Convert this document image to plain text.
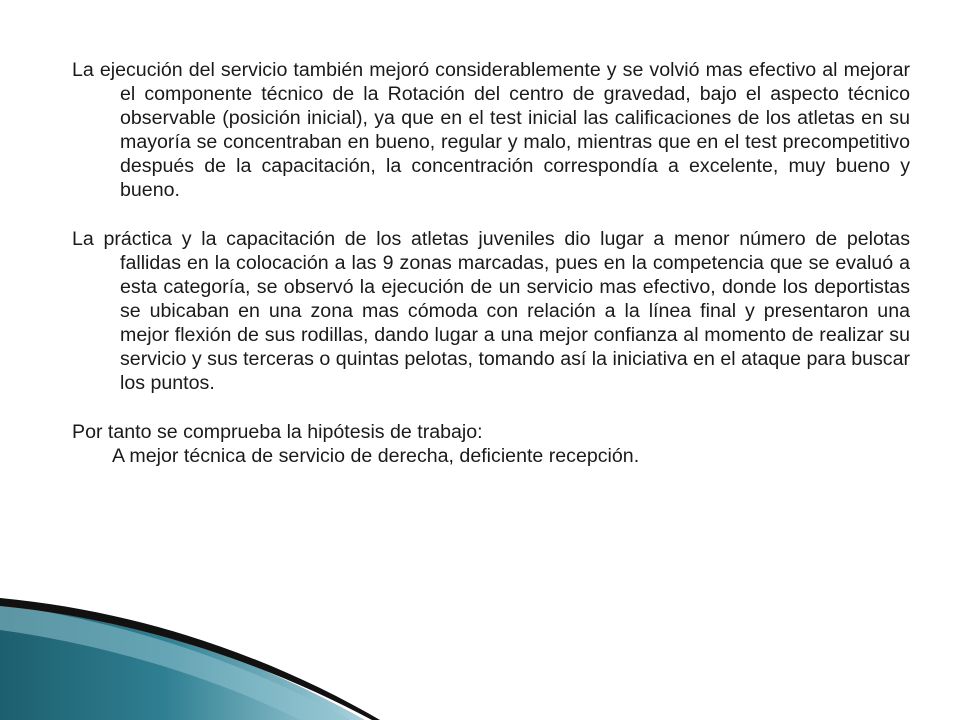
La ejecución del servicio también mejoró considerablemente y se volvió mas efectivo al mejorar el componente técnico de la Rotación del centro de gravedad, bajo el aspecto técnico observable (posición inicial), ya que en el test inicial las calificaciones de los atletas en su mayoría se concentraban en bueno, regular y malo, mientras que en el test precompetitivo después de la capacitación, la concentración correspondía a excelente, muy bueno y bueno.

La práctica y la capacitación de los atletas juveniles dio lugar a menor número de pelotas fallidas en la colocación a las 9 zonas marcadas, pues en la competencia que se evaluó a esta categoría, se observó la ejecución de un servicio mas efectivo, donde los deportistas se ubicaban en una zona mas cómoda con relación a la línea final y presentaron una mejor flexión de sus rodillas, dando lugar a una mejor confianza al momento de realizar su servicio y sus terceras o quintas pelotas, tomando así la iniciativa en el ataque para buscar los puntos.

Por tanto se comprueba la hipótesis de trabajo:

A mejor técnica de servicio de derecha, deficiente recepción.
